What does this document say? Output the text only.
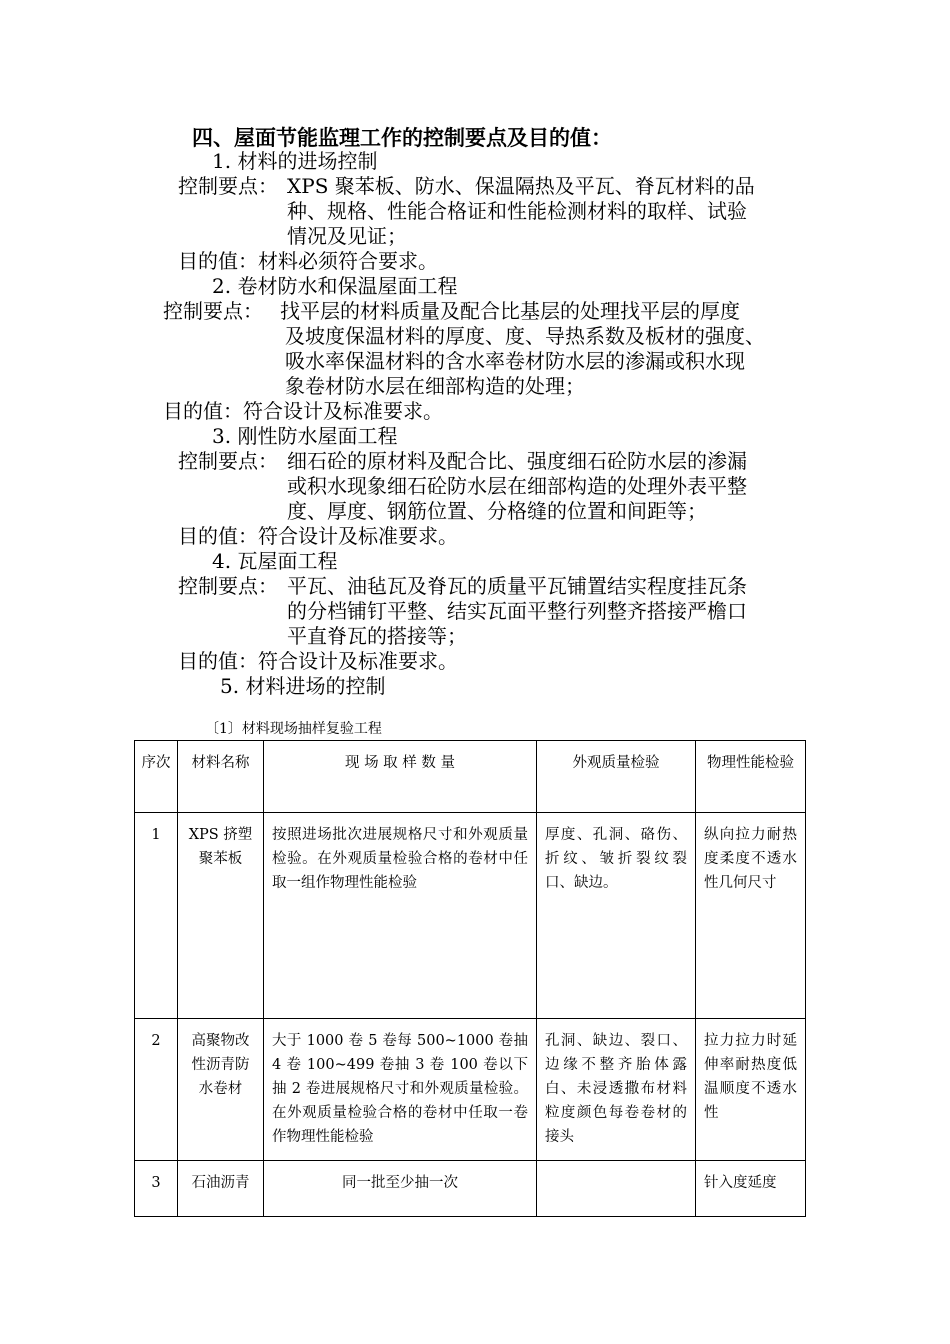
四、屋面节能监理工作的控制要点及目的值：
1. 材料的进场控制
控制要点： XPS 聚苯板、防水、保温隔热及平瓦、脊瓦材料的品
种、规格、性能合格证和性能检测材料的取样、试验
情况及见证；
目的值：材料必须符合要求。
2. 卷材防水和保温屋面工程
控制要点： 找平层的材料质量及配合比基层的处理找平层的厚度
及坡度保温材料的厚度、度、导热系数及板材的强度、
吸水率保温材料的含水率卷材防水层的渗漏或积水现
象卷材防水层在细部构造的处理；
目的值：符合设计及标准要求。
3. 刚性防水屋面工程
控制要点： 细石砼的原材料及配合比、强度细石砼防水层的渗漏
或积水现象细石砼防水层在细部构造的处理外表平整
度、厚度、钢筋位置、分格缝的位置和间距等；
目的值：符合设计及标准要求。
4. 瓦屋面工程
控制要点： 平瓦、油毡瓦及脊瓦的质量平瓦铺置结实程度挂瓦条
的分档铺钉平整、结实瓦面平整行列整齐搭接严檐口
平直脊瓦的搭接等；
目的值：符合设计及标准要求。
5. 材料进场的控制
〔1〕材料现场抽样复验工程
序次	材料名称	现 场 取 样 数 量	外观质量检验	物理性能检验
1	XPS 挤塑聚苯板	按照进场批次进展规格尺寸和外观质量检验。在外观质量检验合格的卷材中任取一组作物理性能检验	厚度、孔洞、硌伤、折纹、皱折裂纹裂口、缺边。	纵向拉力耐热度柔度不透水性几何尺寸
2	高聚物改性沥青防水卷材	大于 1000 卷 5 卷每 500~1000 卷抽 4 卷 100~499 卷抽 3 卷 100 卷以下抽 2 卷进展规格尺寸和外观质量检验。在外观质量检验合格的卷材中任取一卷作物理性能检验	孔洞、缺边、裂口、边缘不整齐胎体露白、未浸透撒布材料粒度颜色每卷卷材的接头	拉力拉力时延伸率耐热度低温顺度不透水性
3	石油沥青	同一批至少抽一次		针入度延度
